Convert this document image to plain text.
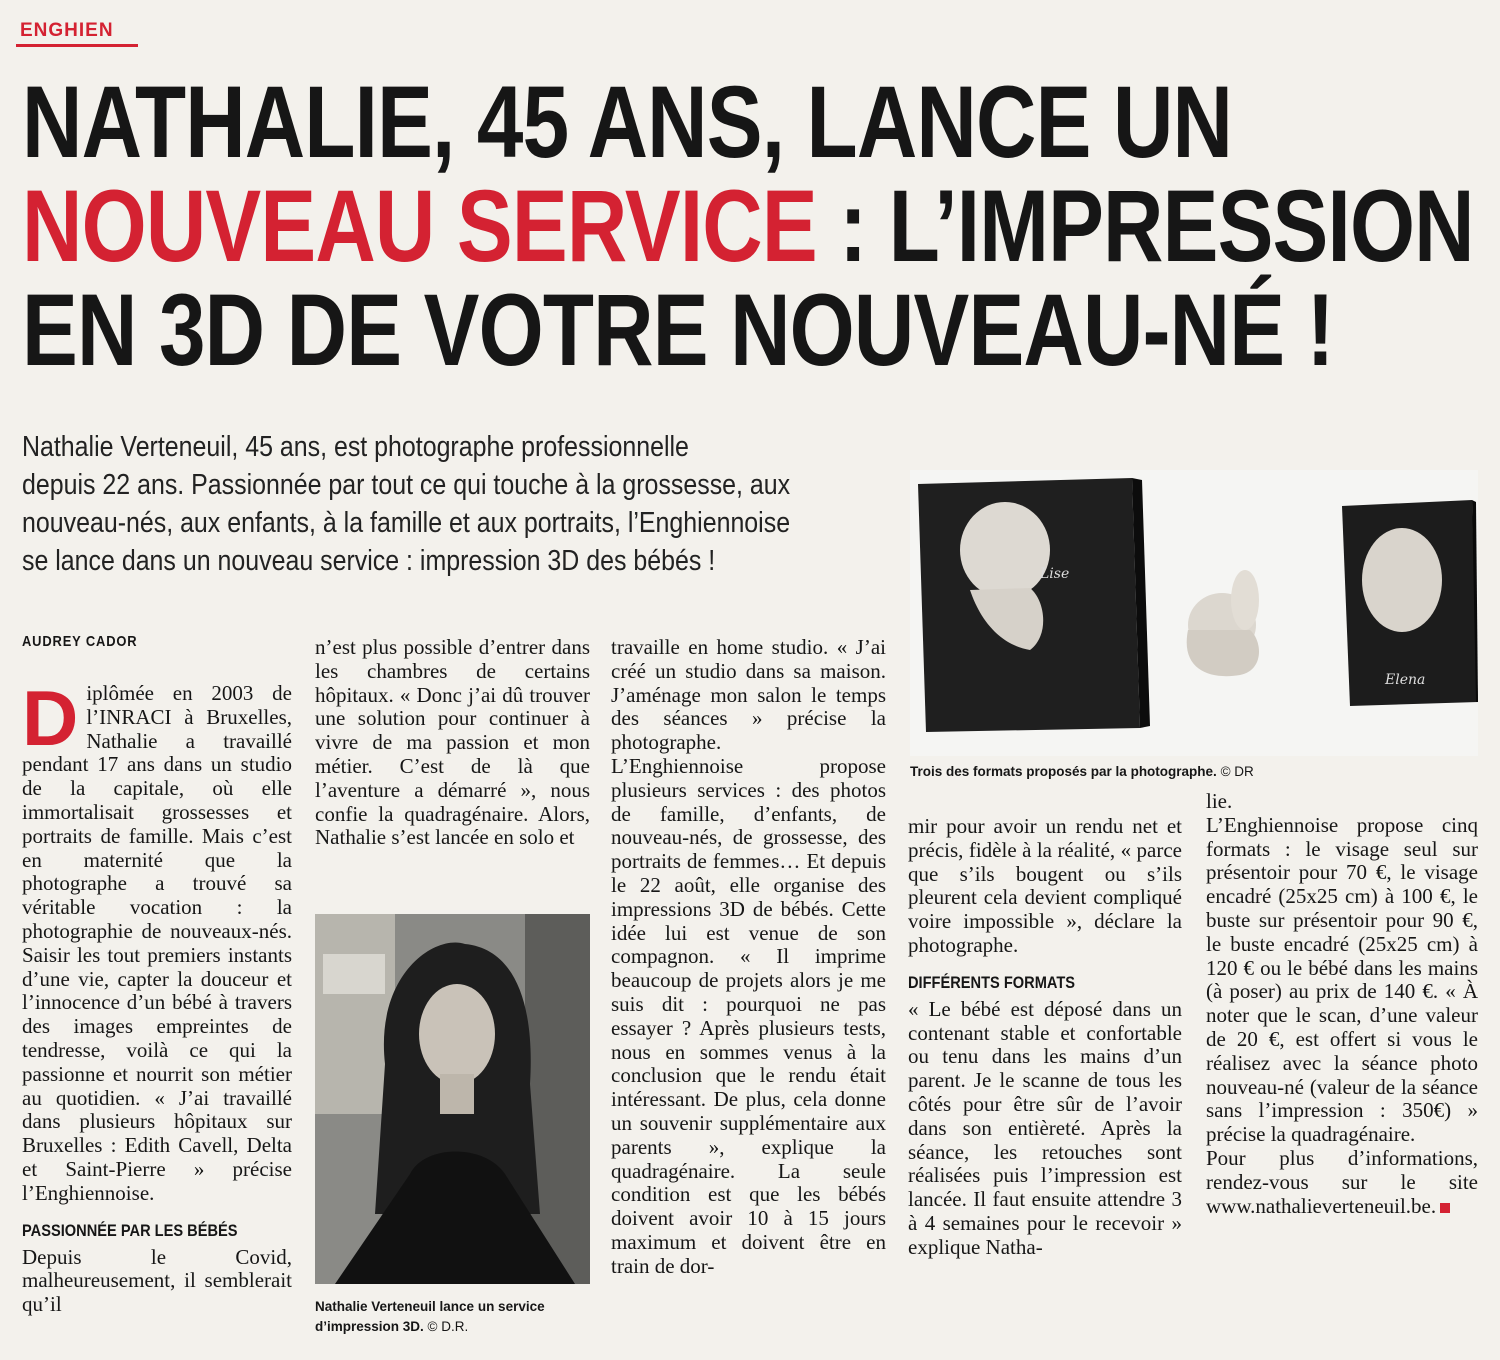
ENGHIEN
NATHALIE, 45 ANS, LANCE UN
NOUVEAU SERVICE : L’IMPRESSION
EN 3D DE VOTRE NOUVEAU-NÉ !
Nathalie Verteneuil, 45 ans, est photographe professionnelle
depuis 22 ans. Passionnée par tout ce qui touche à la grossesse, aux
nouveau-nés, aux enfants, à la famille et aux portraits, l’Enghiennoise
se lance dans un nouveau service : impression 3D des bébés !
AUDREY CADOR
D iplômée en 2003 de l’INRACI à Bruxelles, Nathalie a travaillé pendant 17 ans dans un studio de la capitale, où elle immortalisait grossesses et portraits de famille. Mais c’est en maternité que la photographe a trouvé sa véritable vocation : la photographie de nouveaux-nés. Saisir les tout premiers instants d’une vie, capter la douceur et l’innocence d’un bébé à travers des images empreintes de tendresse, voilà ce qui la passionne et nourrit son métier au quotidien. « J’ai travaillé dans plusieurs hôpitaux sur Bruxelles : Edith Cavell, Delta et Saint-Pierre » précise l’Enghiennoise.

PASSIONNÉE PAR LES BÉBÉS

Depuis le Covid, malheureusement, il semblerait qu’il

n’est plus possible d’entrer dans les chambres de certains hôpitaux. « Donc j’ai dû trouver une solution pour continuer à vivre de ma passion et mon métier. C’est de là que l’aventure a démarré », nous confie la quadragénaire. Alors, Nathalie s’est lancée en solo et

Nathalie Verteneuil lance un service d’impression 3D. © D.R.

travaille en home studio. « J’ai créé un studio dans sa maison. J’aménage mon salon le temps des séances » précise la photographe.

L’Enghiennoise propose plusieurs services : des photos de famille, d’enfants, de nouveau-nés, de grossesse, des portraits de femmes… Et depuis le 22 août, elle organise des impressions 3D de bébés. Cette idée lui est venue de son compagnon. « Il imprime beaucoup de projets alors je me suis dit : pourquoi ne pas essayer ? Après plusieurs tests, nous en sommes venus à la conclusion que le rendu était intéressant. De plus, cela donne un souvenir supplémentaire aux parents », explique la quadragénaire. La seule condition est que les bébés doivent avoir 10 à 15 jours maximum et doivent être en train de dor-

Lise
Elena
Trois des formats proposés par la photographe. © DR

mir pour avoir un rendu net et précis, fidèle à la réalité, « parce que s’ils bougent ou s’ils pleurent cela devient compliqué voire impossible », déclare la photographe.

DIFFÉRENTS FORMATS

« Le bébé est déposé dans un contenant stable et confortable ou tenu dans les mains d’un parent. Je le scanne de tous les côtés pour être sûr de l’avoir dans son entièreté. Après la séance, les retouches sont réalisées puis l’impression est lancée. Il faut ensuite attendre 3 à 4 semaines pour le recevoir » explique Natha-

lie.

L’Enghiennoise propose cinq formats : le visage seul sur présentoir pour 70 €, le visage encadré (25x25 cm) à 100 €, le buste sur présentoir pour 90 €, le buste encadré (25x25 cm) à 120 € ou le bébé dans les mains (à poser) au prix de 140 €. « À noter que le scan, d’une valeur de 20 €, est offert si vous le réalisez avec la séance photo nouveau-né (valeur de la séance sans l’impression : 350€) » précise la quadragénaire.

Pour plus d’informations, rendez-vous sur le site www.nathalieverteneuil.be.
